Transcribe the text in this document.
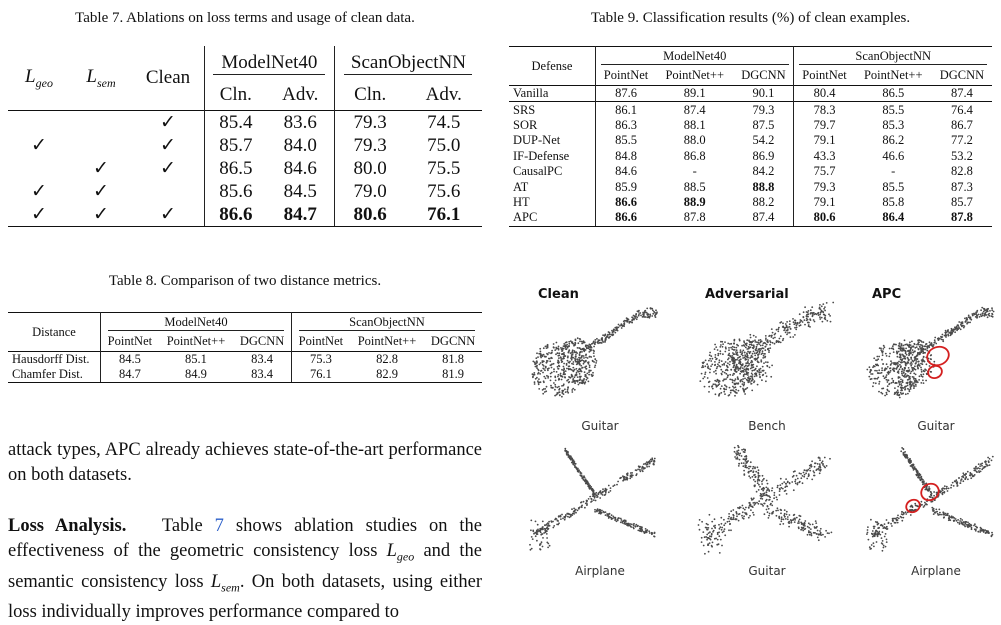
Table 7. Ablations on loss terms and usage of clean data.
$L_{geo}$	$L_{sem}$	Clean	ModelNet40		ScanObjectNN	
			Cln.	Adv.	Cln.	Adv.
		✓	85.4	83.6	79.3	74.5
✓		✓	85.7	84.0	79.3	75.0
	✓	✓	86.5	84.6	80.0	75.5
✓	✓		85.6	84.5	79.0	75.6
✓	✓	✓	86.6	84.7	80.6	76.1
Table 8. Comparison of two distance metrics.
Distance	ModelNet40			ScanObjectNN		
	PointNet	PointNet++	DGCNN	PointNet	PointNet++	DGCNN
Hausdorff Dist.	84.5	85.1	83.4	75.3	82.8	81.8
Chamfer Dist.	84.7	84.9	83.4	76.1	82.9	81.9
attack types, APC already achieves state-of-the-art performance on both datasets.
Loss Analysis. Table 7 shows ablation studies on the effectiveness of the geometric consistency loss $L_{geo}$ and the semantic consistency loss $L_{sem}$. On both datasets, using either loss individually improves performance compared to
Table 9. Classification results (%) of clean examples.
Defense	ModelNet40			ScanObjectNN		
	PointNet	PointNet++	DGCNN	PointNet	PointNet++	DGCNN
Vanilla	87.6	89.1	90.1	80.4	86.5	87.4
SRS	86.1	87.4	79.3	78.3	85.5	76.4
SOR	86.3	88.1	87.5	79.7	85.3	86.7
DUP-Net	85.5	88.0	54.2	79.1	86.2	77.2
IF-Defense	84.8	86.8	86.9	43.3	46.6	53.2
CausalPC	84.6	-	84.2	75.7	-	82.8
AT	85.9	88.5	88.8	79.3	85.5	87.3
HT	86.6	88.9	88.2	79.1	85.8	85.7
APC	86.6	87.8	87.4	80.6	86.4	87.8
Clean	Adversarial	APC
Guitar	Bench	Guitar
Airplane	Guitar	Airplane
